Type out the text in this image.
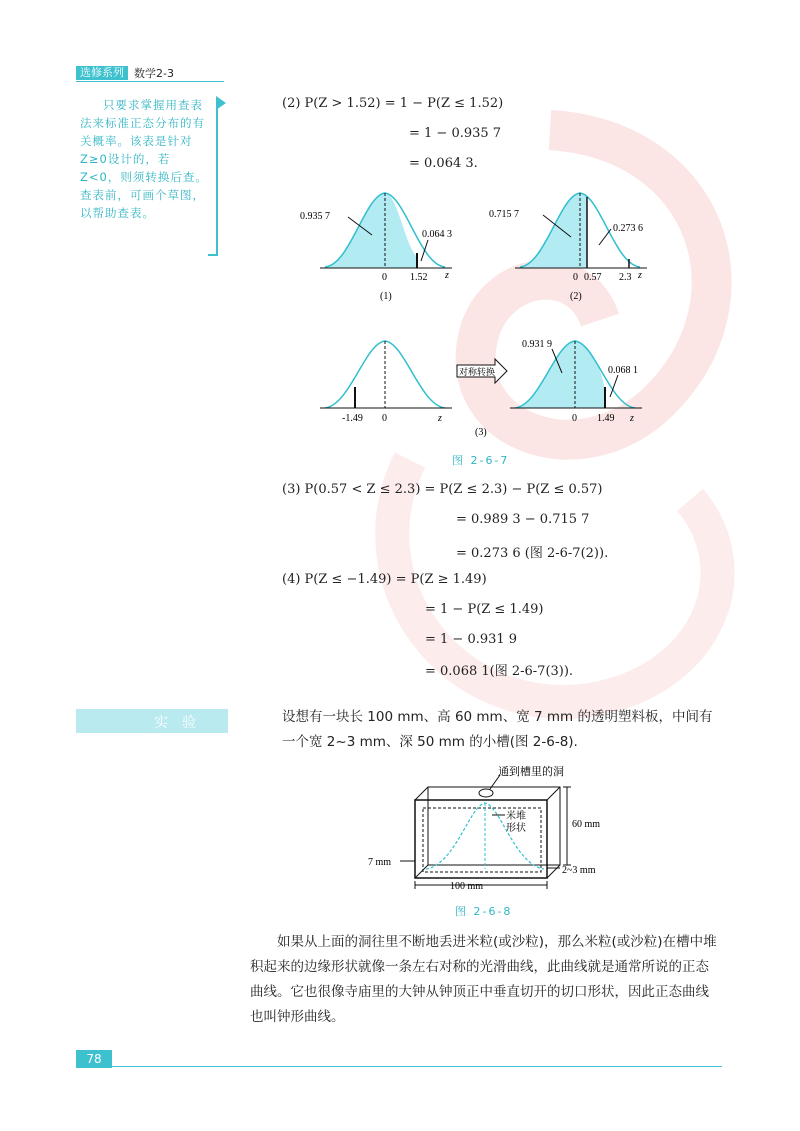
选修系列 数学2-3
只要求掌握用查表法来标准正态分布的有关概率。该表是针对Z≥0设计的，若Z<0，则须转换后查。查表前，可画个草图，以帮助查表。
(2) P(Z > 1.52) = 1 − P(Z ≤ 1.52)
= 1 − 0.935 7
= 0.064 3.
0.935 7
0.064 3
0 1.52 z
(1)
0.715 7
0.273 6
0 0.57 2.3 z
(2)
-1.49 0	z
对称转换
0.931 9
0.068 1
0 1.49 z
(3)
图 2-6-7
(3) P(0.57 < Z ≤ 2.3) = P(Z ≤ 2.3) − P(Z ≤ 0.57)
= 0.989 3 − 0.715 7
= 0.273 6 (图 2-6-7(2)).
(4) P(Z ≤ −1.49) = P(Z ≥ 1.49)
= 1 − P(Z ≤ 1.49)
= 1 − 0.931 9
= 0.068 1(图 2-6-7(3)).
实验	设想有一块长 100 mm、高 60 mm、宽 7 mm 的透明塑料板，中间有一个宽 2~3 mm、深 50 mm 的小槽(图 2-6-8).
通到槽里的洞
米堆
形状	60 mm
7 mm
100 mm
2~3 mm
图 2-6-8
如果从上面的洞往里不断地丢进米粒(或沙粒)，那么米粒(或沙粒)在槽中堆积起来的边缘形状就像一条左右对称的光滑曲线，此曲线就是通常所说的正态曲线。它也很像寺庙里的大钟从钟顶正中垂直切开的切口形状，因此正态曲线也叫钟形曲线。
78
